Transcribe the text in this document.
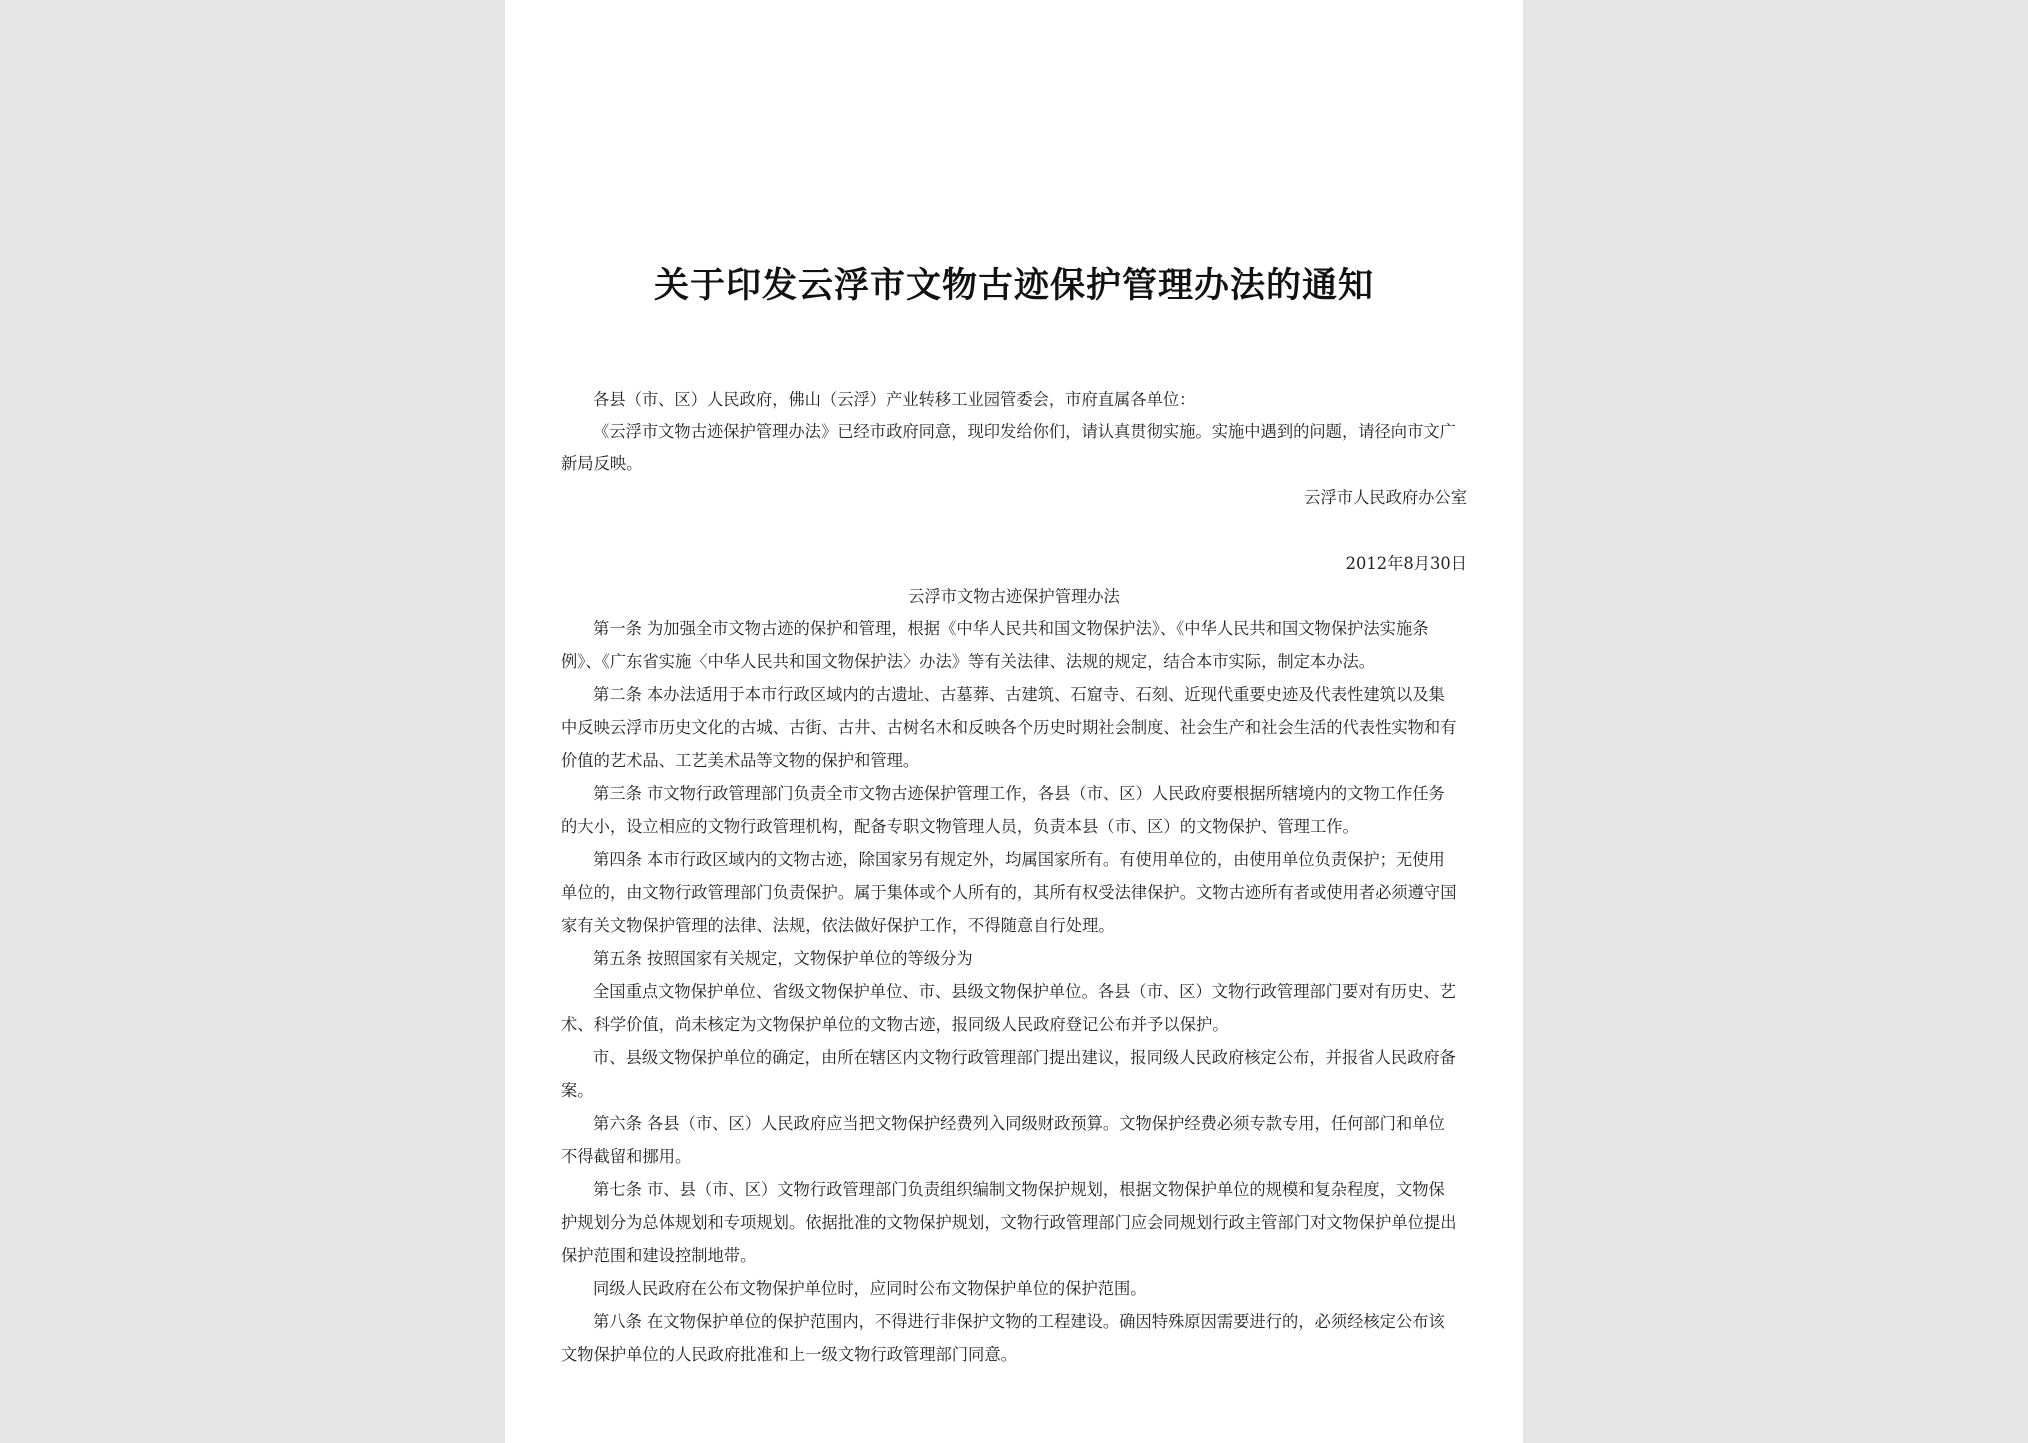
关于印发云浮市文物古迹保护管理办法的通知
各县（市、区）人民政府，佛山（云浮）产业转移工业园管委会，市府直属各单位：
《云浮市文物古迹保护管理办法》已经市政府同意，现印发给你们，请认真贯彻实施。实施中遇到的问题，请径向市文广
新局反映。
云浮市人民政府办公室
2012年8月30日
云浮市文物古迹保护管理办法
第一条 为加强全市文物古迹的保护和管理，根据《中华人民共和国文物保护法》、《中华人民共和国文物保护法实施条
例》、《广东省实施〈中华人民共和国文物保护法〉办法》等有关法律、法规的规定，结合本市实际，制定本办法。
第二条 本办法适用于本市行政区域内的古遗址、古墓葬、古建筑、石窟寺、石刻、近现代重要史迹及代表性建筑以及集
中反映云浮市历史文化的古城、古街、古井、古树名木和反映各个历史时期社会制度、社会生产和社会生活的代表性实物和有
价值的艺术品、工艺美术品等文物的保护和管理。
第三条 市文物行政管理部门负责全市文物古迹保护管理工作，各县（市、区）人民政府要根据所辖境内的文物工作任务
的大小，设立相应的文物行政管理机构，配备专职文物管理人员，负责本县（市、区）的文物保护、管理工作。
第四条 本市行政区域内的文物古迹，除国家另有规定外，均属国家所有。有使用单位的，由使用单位负责保护；无使用
单位的，由文物行政管理部门负责保护。属于集体或个人所有的，其所有权受法律保护。文物古迹所有者或使用者必须遵守国
家有关文物保护管理的法律、法规，依法做好保护工作，不得随意自行处理。
第五条 按照国家有关规定，文物保护单位的等级分为
全国重点文物保护单位、省级文物保护单位、市、县级文物保护单位。各县（市、区）文物行政管理部门要对有历史、艺
术、科学价值，尚未核定为文物保护单位的文物古迹，报同级人民政府登记公布并予以保护。
市、县级文物保护单位的确定，由所在辖区内文物行政管理部门提出建议，报同级人民政府核定公布，并报省人民政府备
案。
第六条 各县（市、区）人民政府应当把文物保护经费列入同级财政预算。文物保护经费必须专款专用，任何部门和单位
不得截留和挪用。
第七条 市、县（市、区）文物行政管理部门负责组织编制文物保护规划，根据文物保护单位的规模和复杂程度，文物保
护规划分为总体规划和专项规划。依据批准的文物保护规划，文物行政管理部门应会同规划行政主管部门对文物保护单位提出
保护范围和建设控制地带。
同级人民政府在公布文物保护单位时，应同时公布文物保护单位的保护范围。
第八条 在文物保护单位的保护范围内，不得进行非保护文物的工程建设。确因特殊原因需要进行的，必须经核定公布该
文物保护单位的人民政府批准和上一级文物行政管理部门同意。
